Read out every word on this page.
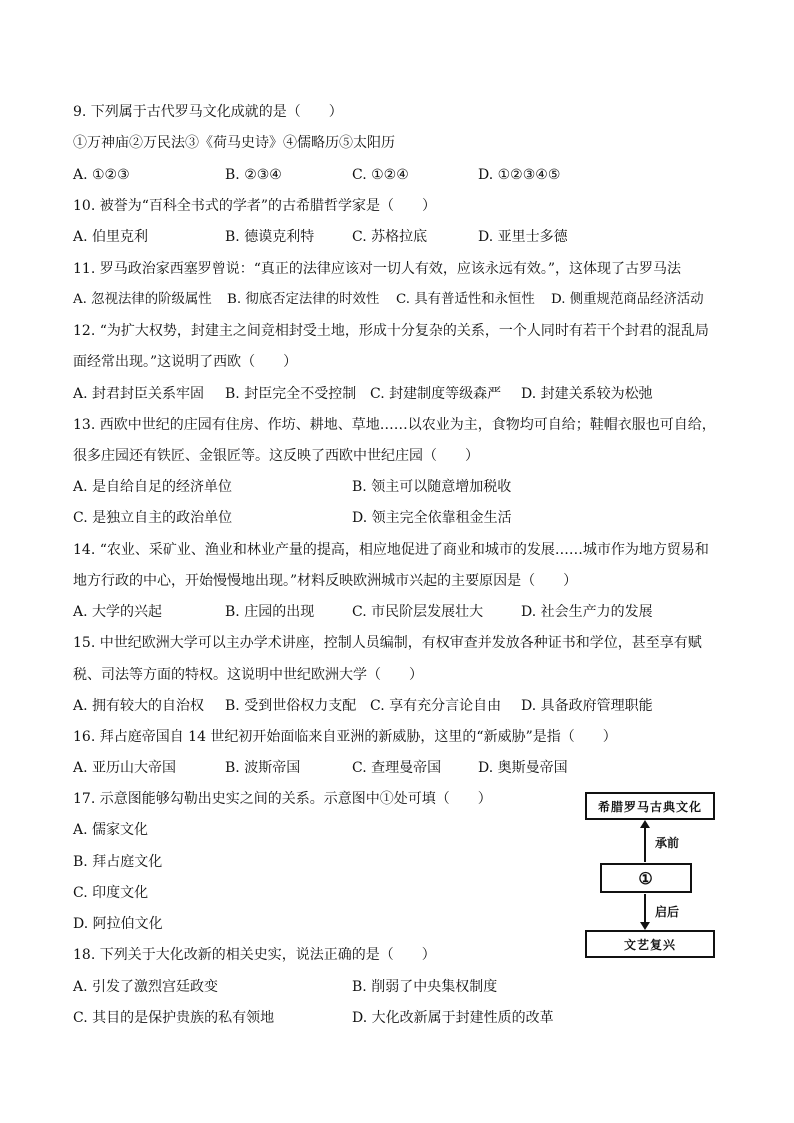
9. 下列属于古代罗马文化成就的是（　　）
①万神庙②万民法③《荷马史诗》④儒略历⑤太阳历
A. ①②③	B. ②③④	C. ①②④	D. ①②③④⑤
10. 被誉为“百科全书式的学者”的古希腊哲学家是（　　）
A. 伯里克利	B. 德谟克利特	C. 苏格拉底	D. 亚里士多德
11. 罗马政治家西塞罗曾说：“真正的法律应该对一切人有效，应该永远有效。”，这体现了古罗马法
A. 忽视法律的阶级属性 B. 彻底否定法律的时效性 C. 具有普适性和永恒性 D. 侧重规范商品经济活动
12. “为扩大权势，封建主之间竞相封受土地，形成十分复杂的关系，一个人同时有若干个封君的混乱局
面经常出现。”这说明了西欧（　　）
A. 封君封臣关系牢固 B. 封臣完全不受控制 C. 封建制度等级森严 D. 封建关系较为松弛
13. 西欧中世纪的庄园有住房、作坊、耕地、草地……以农业为主，食物均可自给；鞋帽衣服也可自给，
很多庄园还有铁匠、金银匠等。这反映了西欧中世纪庄园（　　）
A. 是自给自足的经济单位	B. 领主可以随意增加税收
C. 是独立自主的政治单位	D. 领主完全依靠租金生活
14. “农业、采矿业、渔业和林业产量的提高，相应地促进了商业和城市的发展……城市作为地方贸易和
地方行政的中心，开始慢慢地出现。”材料反映欧洲城市兴起的主要原因是（　　）
A. 大学的兴起	B. 庄园的出现	C. 市民阶层发展壮大	D. 社会生产力的发展
15. 中世纪欧洲大学可以主办学术讲座，控制人员编制，有权审查并发放各种证书和学位，甚至享有赋
税、司法等方面的特权。这说明中世纪欧洲大学（　　）
A. 拥有较大的自治权 B. 受到世俗权力支配 C. 享有充分言论自由 D. 具备政府管理职能
16. 拜占庭帝国自 14 世纪初开始面临来自亚洲的新威胁，这里的“新威胁”是指（　　）
A. 亚历山大帝国	B. 波斯帝国	C. 查理曼帝国	D. 奥斯曼帝国
17. 示意图能够勾勒出史实之间的关系。示意图中①处可填（　　）
A. 儒家文化
B. 拜占庭文化
C. 印度文化
D. 阿拉伯文化
希腊罗马古典文化
承前
①
启后
文艺复兴
18. 下列关于大化改新的相关史实，说法正确的是（　　）
A. 引发了激烈宫廷政变	B. 削弱了中央集权制度
C. 其目的是保护贵族的私有领地	D. 大化改新属于封建性质的改革
